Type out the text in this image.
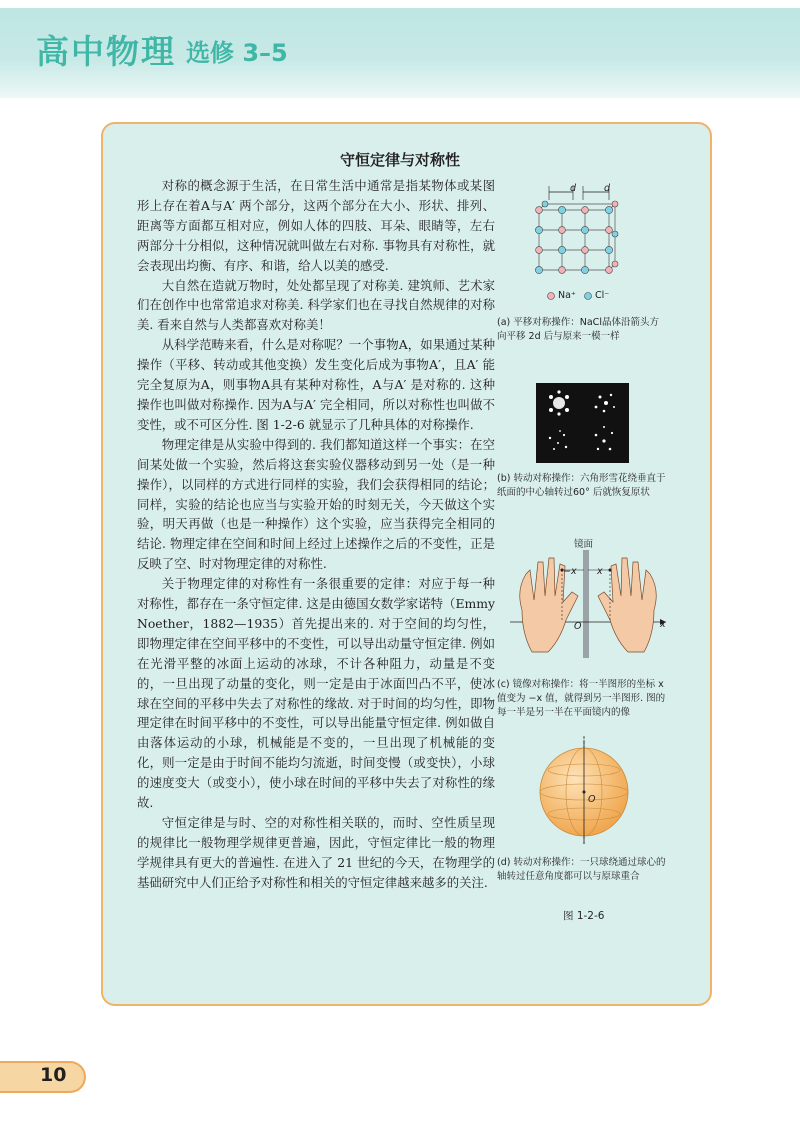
高中物理 选修 3–5
守恒定律与对称性

对称的概念源于生活，在日常生活中通常是指某物体或某图形上存在着A与A′ 两个部分，这两个部分在大小、形状、排列、距离等方面都互相对应，例如人体的四肢、耳朵、眼睛等，左右两部分十分相似，这种情况就叫做左右对称. 事物具有对称性，就会表现出均衡、有序、和谐，给人以美的感受.

大自然在造就万物时，处处都呈现了对称美. 建筑师、艺术家们在创作中也常常追求对称美. 科学家们也在寻找自然规律的对称美. 看来自然与人类都喜欢对称美！

从科学范畴来看，什么是对称呢？一个事物A，如果通过某种操作（平移、转动或其他变换）发生变化后成为事物A′，且A′ 能完全复原为A，则事物A具有某种对称性，A与A′ 是对称的. 这种操作也叫做对称操作. 因为A与A′ 完全相同，所以对称性也叫做不变性，或不可区分性. 图 1-2-6 就显示了几种具体的对称操作.

物理定律是从实验中得到的. 我们都知道这样一个事实：在空间某处做一个实验，然后将这套实验仪器移动到另一处（是一种操作），以同样的方式进行同样的实验，我们会获得相同的结论；同样，实验的结论也应当与实验开始的时刻无关，今天做这个实验，明天再做（也是一种操作）这个实验，应当获得完全相同的结论. 物理定律在空间和时间上经过上述操作之后的不变性，正是反映了空、时对物理定律的对称性.

关于物理定律的对称性有一条很重要的定律：对应于每一种对称性，都存在一条守恒定律. 这是由德国女数学家诺特（Emmy Noether，1882—1935）首先提出来的. 对于空间的均匀性，即物理定律在空间平移中的不变性，可以导出动量守恒定律. 例如在光滑平整的冰面上运动的冰球，不计各种阻力，动量是不变的，一旦出现了动量的变化，则一定是由于冰面凹凸不平，使冰球在空间的平移中失去了对称性的缘故. 对于时间的均匀性，即物理定律在时间平移中的不变性，可以导出能量守恒定律. 例如做自由落体运动的小球，机械能是不变的，一旦出现了机械能的变化，则一定是由于时间不能均匀流逝，时间变慢（或变快），小球的速度变大（或变小），使小球在时间的平移中失去了对称性的缘故.

守恒定律是与时、空的对称性相关联的，而时、空性质呈现的规律比一般物理学规律更普遍，因此，守恒定律比一般的物理学规律具有更大的普遍性. 在进入了 21 世纪的今天，在物理学的基础研究中人们正给予对称性和相关的守恒定律越来越多的关注.

d	d
Na⁺ Cl⁻
(a) 平移对称操作：NaCl晶体沿箭头方向平移 2d 后与原来一模一样
(b) 转动对称操作：六角形雪花绕垂直于纸面的中心轴转过60° 后就恢复原状
镜面
−x x
O	x
(c) 镜像对称操作：将一半图形的坐标 x 值变为 −x 值，就得到另一半图形. 图的每一半是另一半在平面镜内的像
O
(d) 转动对称操作：一只球绕通过球心的轴转过任意角度都可以与原球重合
图 1-2-6
10
